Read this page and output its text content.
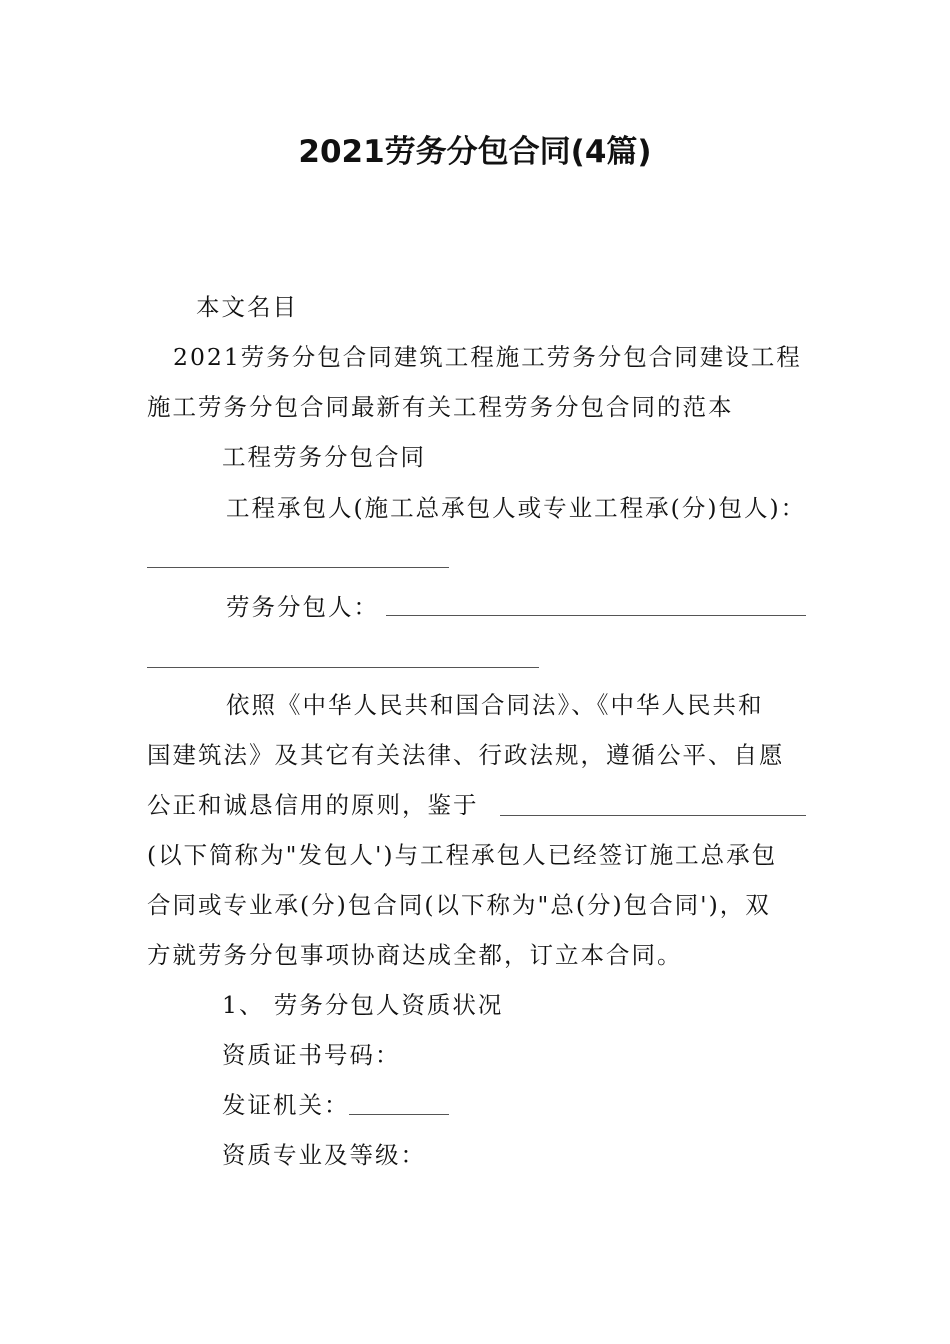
2021劳务分包合同(4篇)
本文名目
2021劳务分包合同建筑工程施工劳务分包合同建设工程
施工劳务分包合同最新有关工程劳务分包合同的范本
工程劳务分包合同
工程承包人(施工总承包人或专业工程承(分)包人)：
劳务分包人：
依照《中华人民共和国合同法》、《中华人民共和
国建筑法》及其它有关法律、行政法规，遵循公平、自愿
公正和诚恳信用的原则，鉴于
(以下简称为"发包人')与工程承包人已经签订施工总承包
合同或专业承(分)包合同(以下称为"总(分)包合同')，双
方就劳务分包事项协商达成全都，订立本合同。
1、 劳务分包人资质状况
资质证书号码：
发证机关：
资质专业及等级：
